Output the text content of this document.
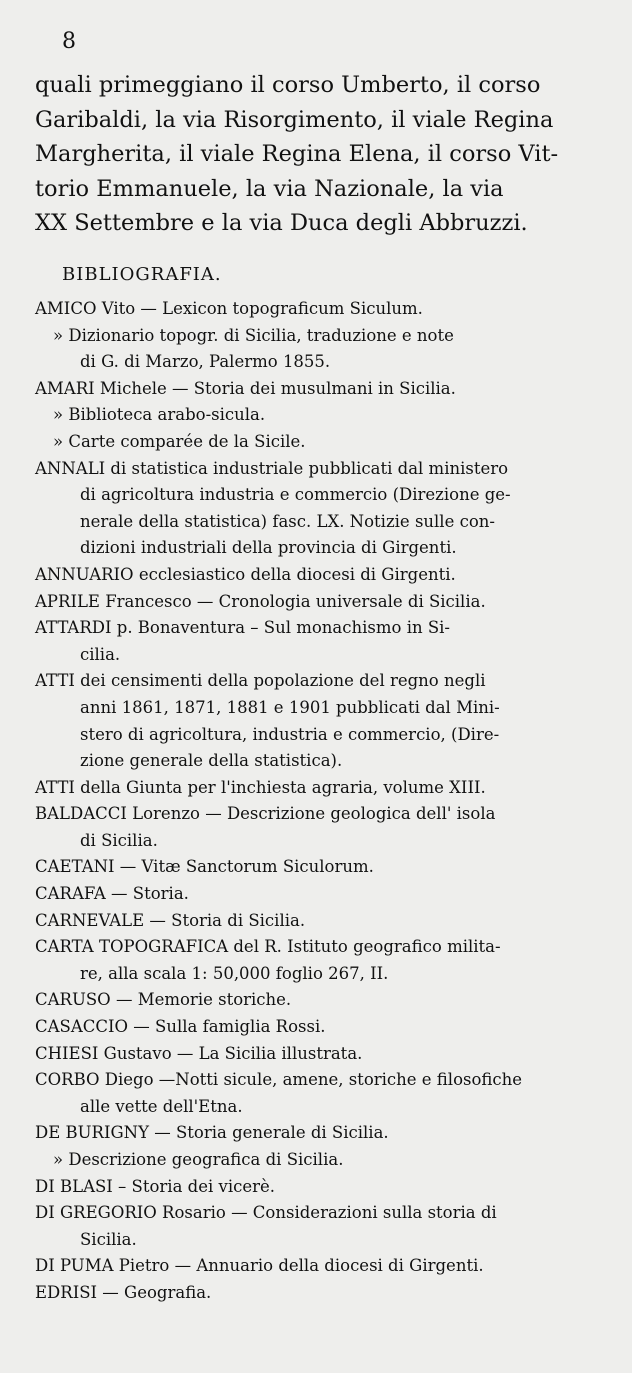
8
quali primeggiano il corso Umberto, il corso
Garibaldi, la via Risorgimento, il viale Regina
Margherita, il viale Regina Elena, il corso Vit-
torio Emmanuele, la via Nazionale, la via
XX Settembre e la via Duca degli Abbruzzi.
BIBLIOGRAFIA.
AMICO Vito — Lexicon topograficum Siculum.
» Dizionario topogr. di Sicilia, traduzione e note
di G. di Marzo, Palermo 1855.
AMARI Michele — Storia dei musulmani in Sicilia.
» Biblioteca arabo-sicula.
» Carte comparée de la Sicile.
ANNALI di statistica industriale pubblicati dal ministero
di agricoltura industria e commercio (Direzione ge-
nerale della statistica) fasc. LX. Notizie sulle con-
dizioni industriali della provincia di Girgenti.
ANNUARIO ecclesiastico della diocesi di Girgenti.
APRILE Francesco — Cronologia universale di Sicilia.
ATTARDI p. Bonaventura – Sul monachismo in Si-
cilia.
ATTI dei censimenti della popolazione del regno negli
anni 1861, 1871, 1881 e 1901 pubblicati dal Mini-
stero di agricoltura, industria e commercio, (Dire-
zione generale della statistica).
ATTI della Giunta per l'inchiesta agraria, volume XIII.
BALDACCI Lorenzo — Descrizione geologica dell' isola
di Sicilia.
CAETANI — Vitæ Sanctorum Siculorum.
CARAFA — Storia.
CARNEVALE — Storia di Sicilia.
CARTA TOPOGRAFICA del R. Istituto geografico milita-
re, alla scala 1: 50,000 foglio 267, II.
CARUSO — Memorie storiche.
CASACCIO — Sulla famiglia Rossi.
CHIESI Gustavo — La Sicilia illustrata.
CORBO Diego —Notti sicule, amene, storiche e filosofiche
alle vette dell'Etna.
DE BURIGNY — Storia generale di Sicilia.
» Descrizione geografica di Sicilia.
DI BLASI – Storia dei vicerè.
DI GREGORIO Rosario — Considerazioni sulla storia di
Sicilia.
DI PUMA Pietro — Annuario della diocesi di Girgenti.
EDRISI — Geografia.
